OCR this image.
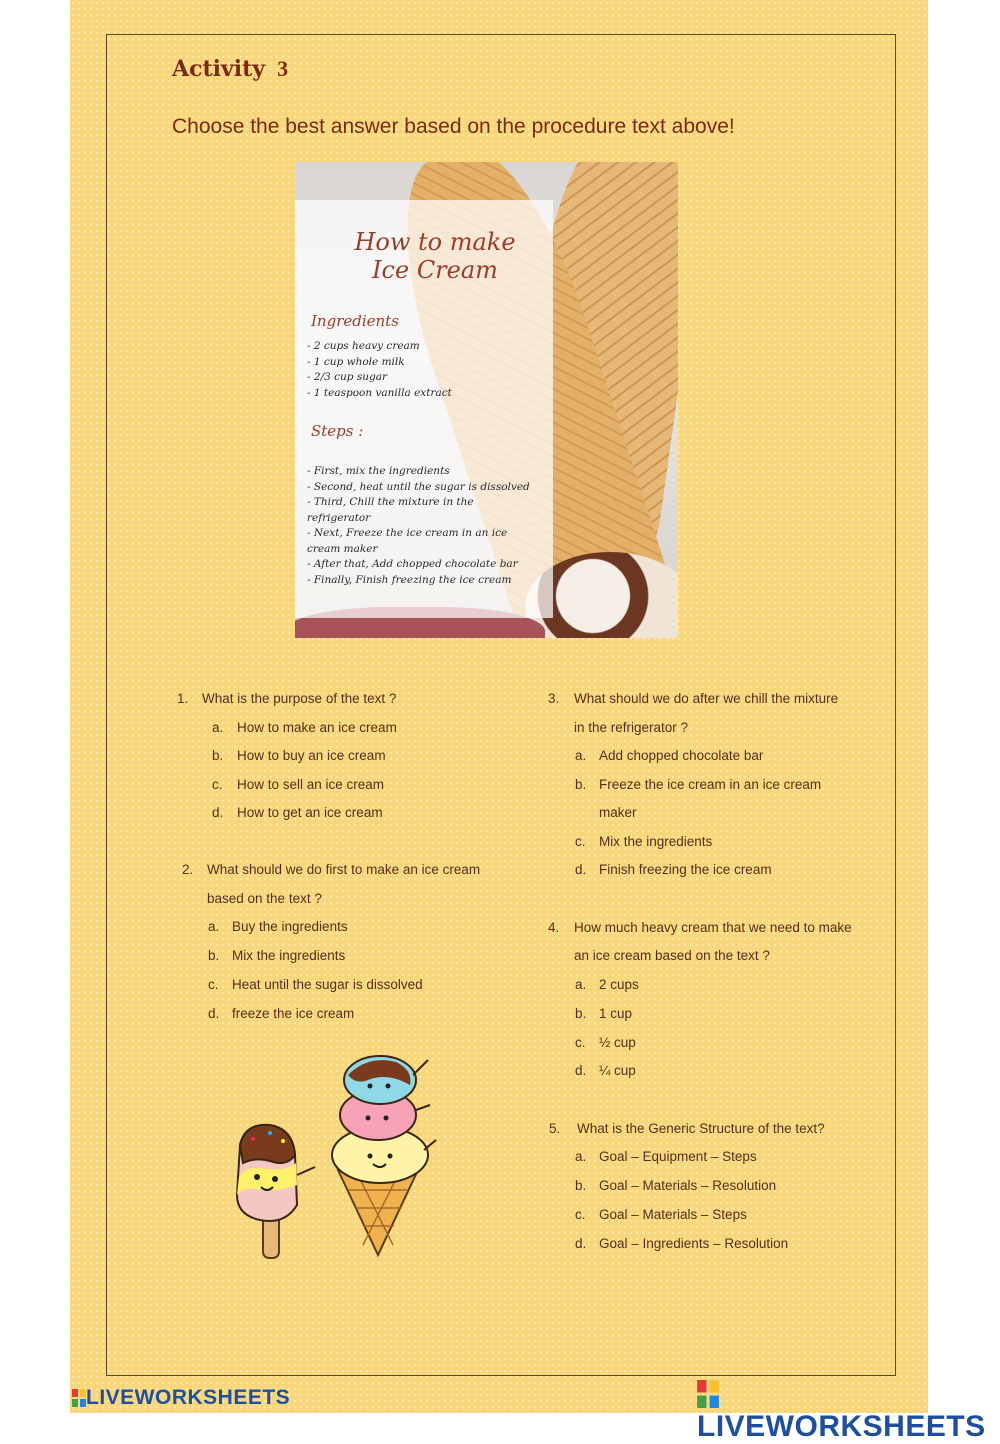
Activity 3
Choose the best answer based on the procedure text above!
How to make
Ice Cream
Ingredients
- 2 cups heavy cream
- 1 cup whole milk
- 2/3 cup sugar
- 1 teaspoon vanilla extract
Steps :
- First, mix the ingredients
- Second, heat until the sugar is dissolved
- Third, Chill the mixture in the
refrigerator
- Next, Freeze the ice cream in an ice
cream maker
- After that, Add chopped chocolate bar
- Finally, Finish freezing the ice cream
1. What is the purpose of the text ?
a. How to make an ice cream
b. How to buy an ice cream
c. How to sell an ice cream
d. How to get an ice cream
2. What should we do first to make an ice cream
based on the text ?
a. Buy the ingredients
b. Mix the ingredients
c. Heat until the sugar is dissolved
d. freeze the ice cream
3. What should we do after we chill the mixture
in the refrigerator ?
a. Add chopped chocolate bar
b. Freeze the ice cream in an ice cream
maker
c. Mix the ingredients
d. Finish freezing the ice cream
4. How much heavy cream that we need to make
an ice cream based on the text ?
a. 2 cups
b. 1 cup
c. ½ cup
d. ¼ cup
5. What is the Generic Structure of the text?
a. Goal – Equipment – Steps
b. Goal – Materials – Resolution
c. Goal – Materials – Steps
d. Goal – Ingredients – Resolution
LIVEWORKSHEETS
LIVEWORKSHEETS
